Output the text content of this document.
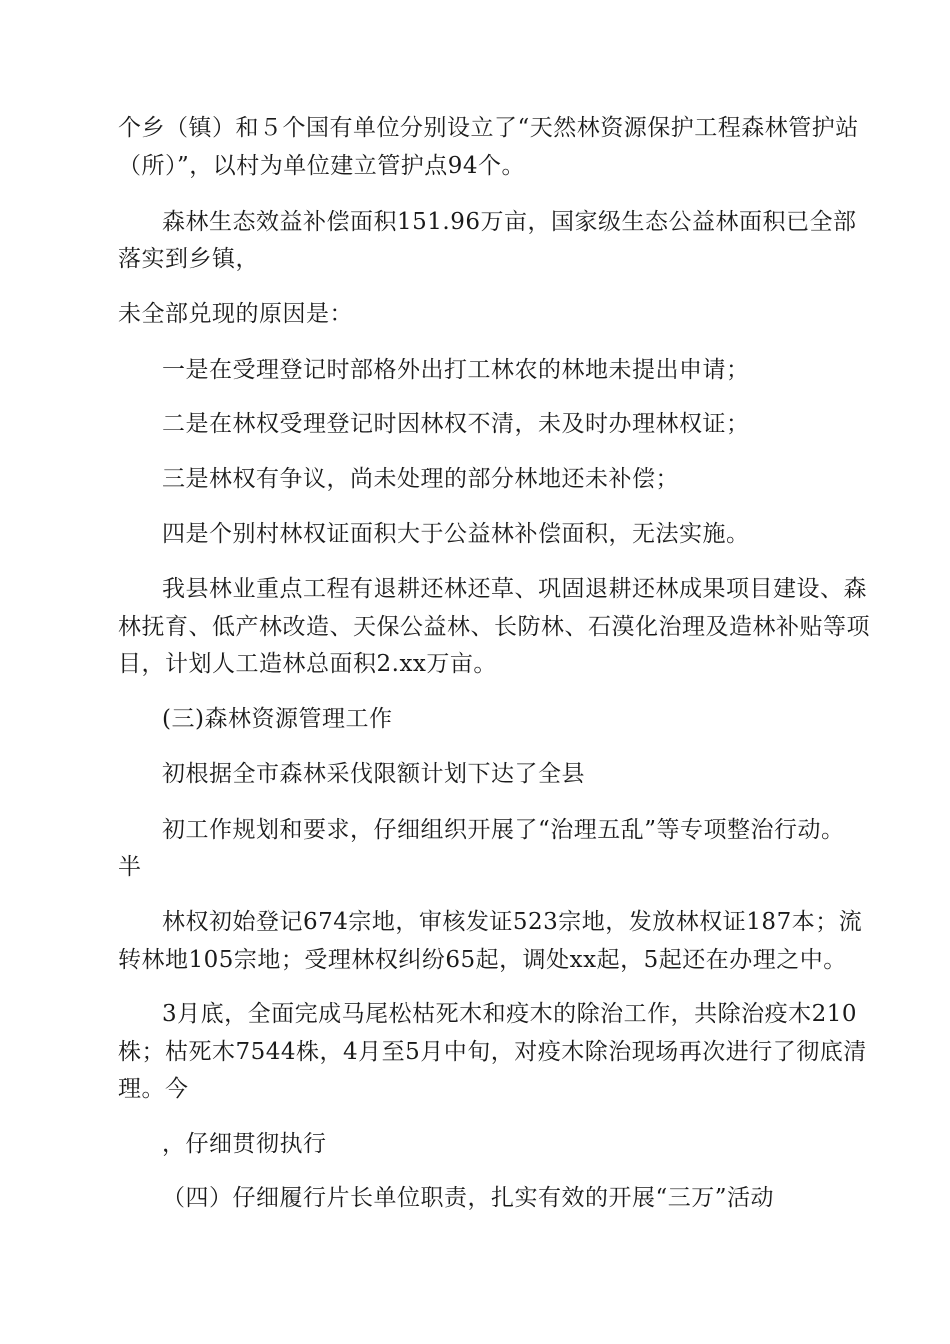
个乡（镇）和５个国有单位分别设立了“天然林资源保护工程森林管护站
（所）”，以村为单位建立管护点94个。
森林生态效益补偿面积151.96万亩，国家级生态公益林面积已全部
落实到乡镇，
未全部兑现的原因是：
一是在受理登记时部格外出打工林农的林地未提出申请；
二是在林权受理登记时因林权不清，未及时办理林权证；
三是林权有争议，尚未处理的部分林地还未补偿；
四是个别村林权证面积大于公益林补偿面积，无法实施。
我县林业重点工程有退耕还林还草、巩固退耕还林成果项目建设、森
林抚育、低产林改造、天保公益林、长防林、石漠化治理及造林补贴等项
目，计划人工造林总面积2.xx万亩。
(三)森林资源管理工作
初根据全市森林采伐限额计划下达了全县
初工作规划和要求，仔细组织开展了“治理五乱”等专项整治行动。
半
林权初始登记674宗地，审核发证523宗地，发放林权证187本；流
转林地105宗地；受理林权纠纷65起，调处xx起，5起还在办理之中。
3月底，全面完成马尾松枯死木和疫木的除治工作，共除治疫木210
株；枯死木7544株，4月至5月中旬，对疫木除治现场再次进行了彻底清
理。今
，仔细贯彻执行
（四）仔细履行片长单位职责，扎实有效的开展“三万”活动
